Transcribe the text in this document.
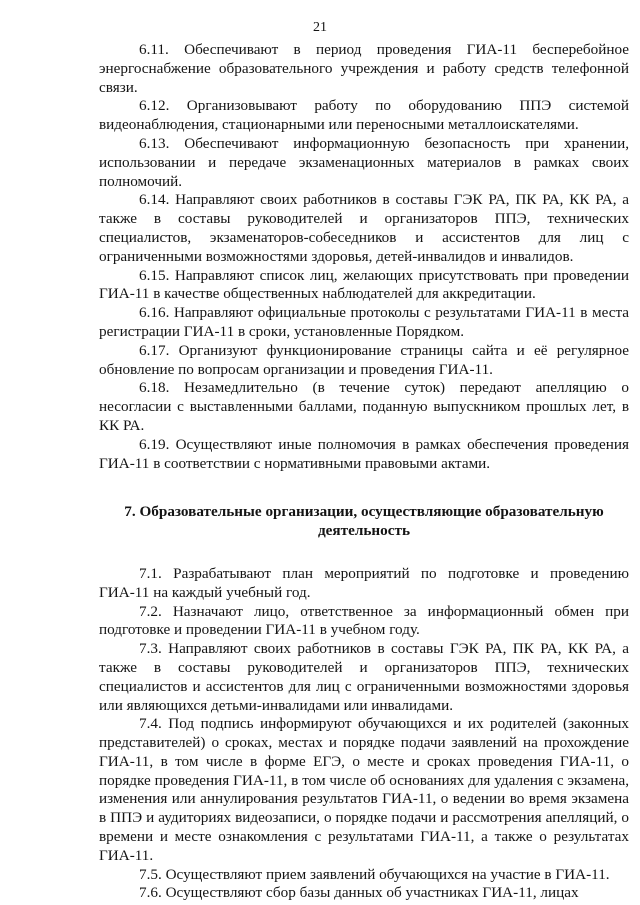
21

6.11. Обеспечивают в период проведения ГИА-11 бесперебойное энергоснабжение образовательного учреждения и работу средств телефонной связи.

6.12. Организовывают работу по оборудованию ППЭ системой видеонаблюдения, стационарными или переносными металлоискателями.

6.13. Обеспечивают информационную безопасность при хранении, использовании и передаче экзаменационных материалов в рамках своих полномочий.

6.14. Направляют своих работников в составы ГЭК РА, ПК РА, КК РА, а также в составы руководителей и организаторов ППЭ, технических специалистов, экзаменаторов-собеседников и ассистентов для лиц с ограниченными возможностями здоровья, детей-инвалидов и инвалидов.

6.15. Направляют список лиц, желающих присутствовать при проведении ГИА-11 в качестве общественных наблюдателей для аккредитации.

6.16. Направляют официальные протоколы с результатами ГИА-11 в места регистрации ГИА-11 в сроки, установленные Порядком.

6.17. Организуют функционирование страницы сайта и её регулярное обновление по вопросам организации и проведения ГИА-11.

6.18. Незамедлительно (в течение суток) передают апелляцию о несогласии с выставленными баллами, поданную выпускником прошлых лет, в КК РА.

6.19. Осуществляют иные полномочия в рамках обеспечения проведения ГИА-11 в соответствии с нормативными правовыми актами.

7. Образовательные организации, осуществляющие образовательную деятельность

7.1. Разрабатывают план мероприятий по подготовке и проведению ГИА-11 на каждый учебный год.

7.2. Назначают лицо, ответственное за информационный обмен при подготовке и проведении ГИА-11 в учебном году.

7.3. Направляют своих работников в составы ГЭК РА, ПК РА, КК РА, а также в составы руководителей и организаторов ППЭ, технических специалистов и ассистентов для лиц с ограниченными возможностями здоровья или являющихся детьми-инвалидами или инвалидами.

7.4. Под подпись информируют обучающихся и их родителей (законных представителей) о сроках, местах и порядке подачи заявлений на прохождение ГИА-11, в том числе в форме ЕГЭ, о месте и сроках проведения ГИА-11, о порядке проведения ГИА-11, в том числе об основаниях для удаления с экзамена, изменения или аннулирования результатов ГИА-11, о ведении во время экзамена в ППЭ и аудиториях видеозаписи, о порядке подачи и рассмотрения апелляций, о времени и месте ознакомления с результатами ГИА-11, а также о результатах ГИА-11.

7.5. Осуществляют прием заявлений обучающихся на участие в ГИА-11.

7.6. Осуществляют сбор базы данных об участниках ГИА-11, лицах
